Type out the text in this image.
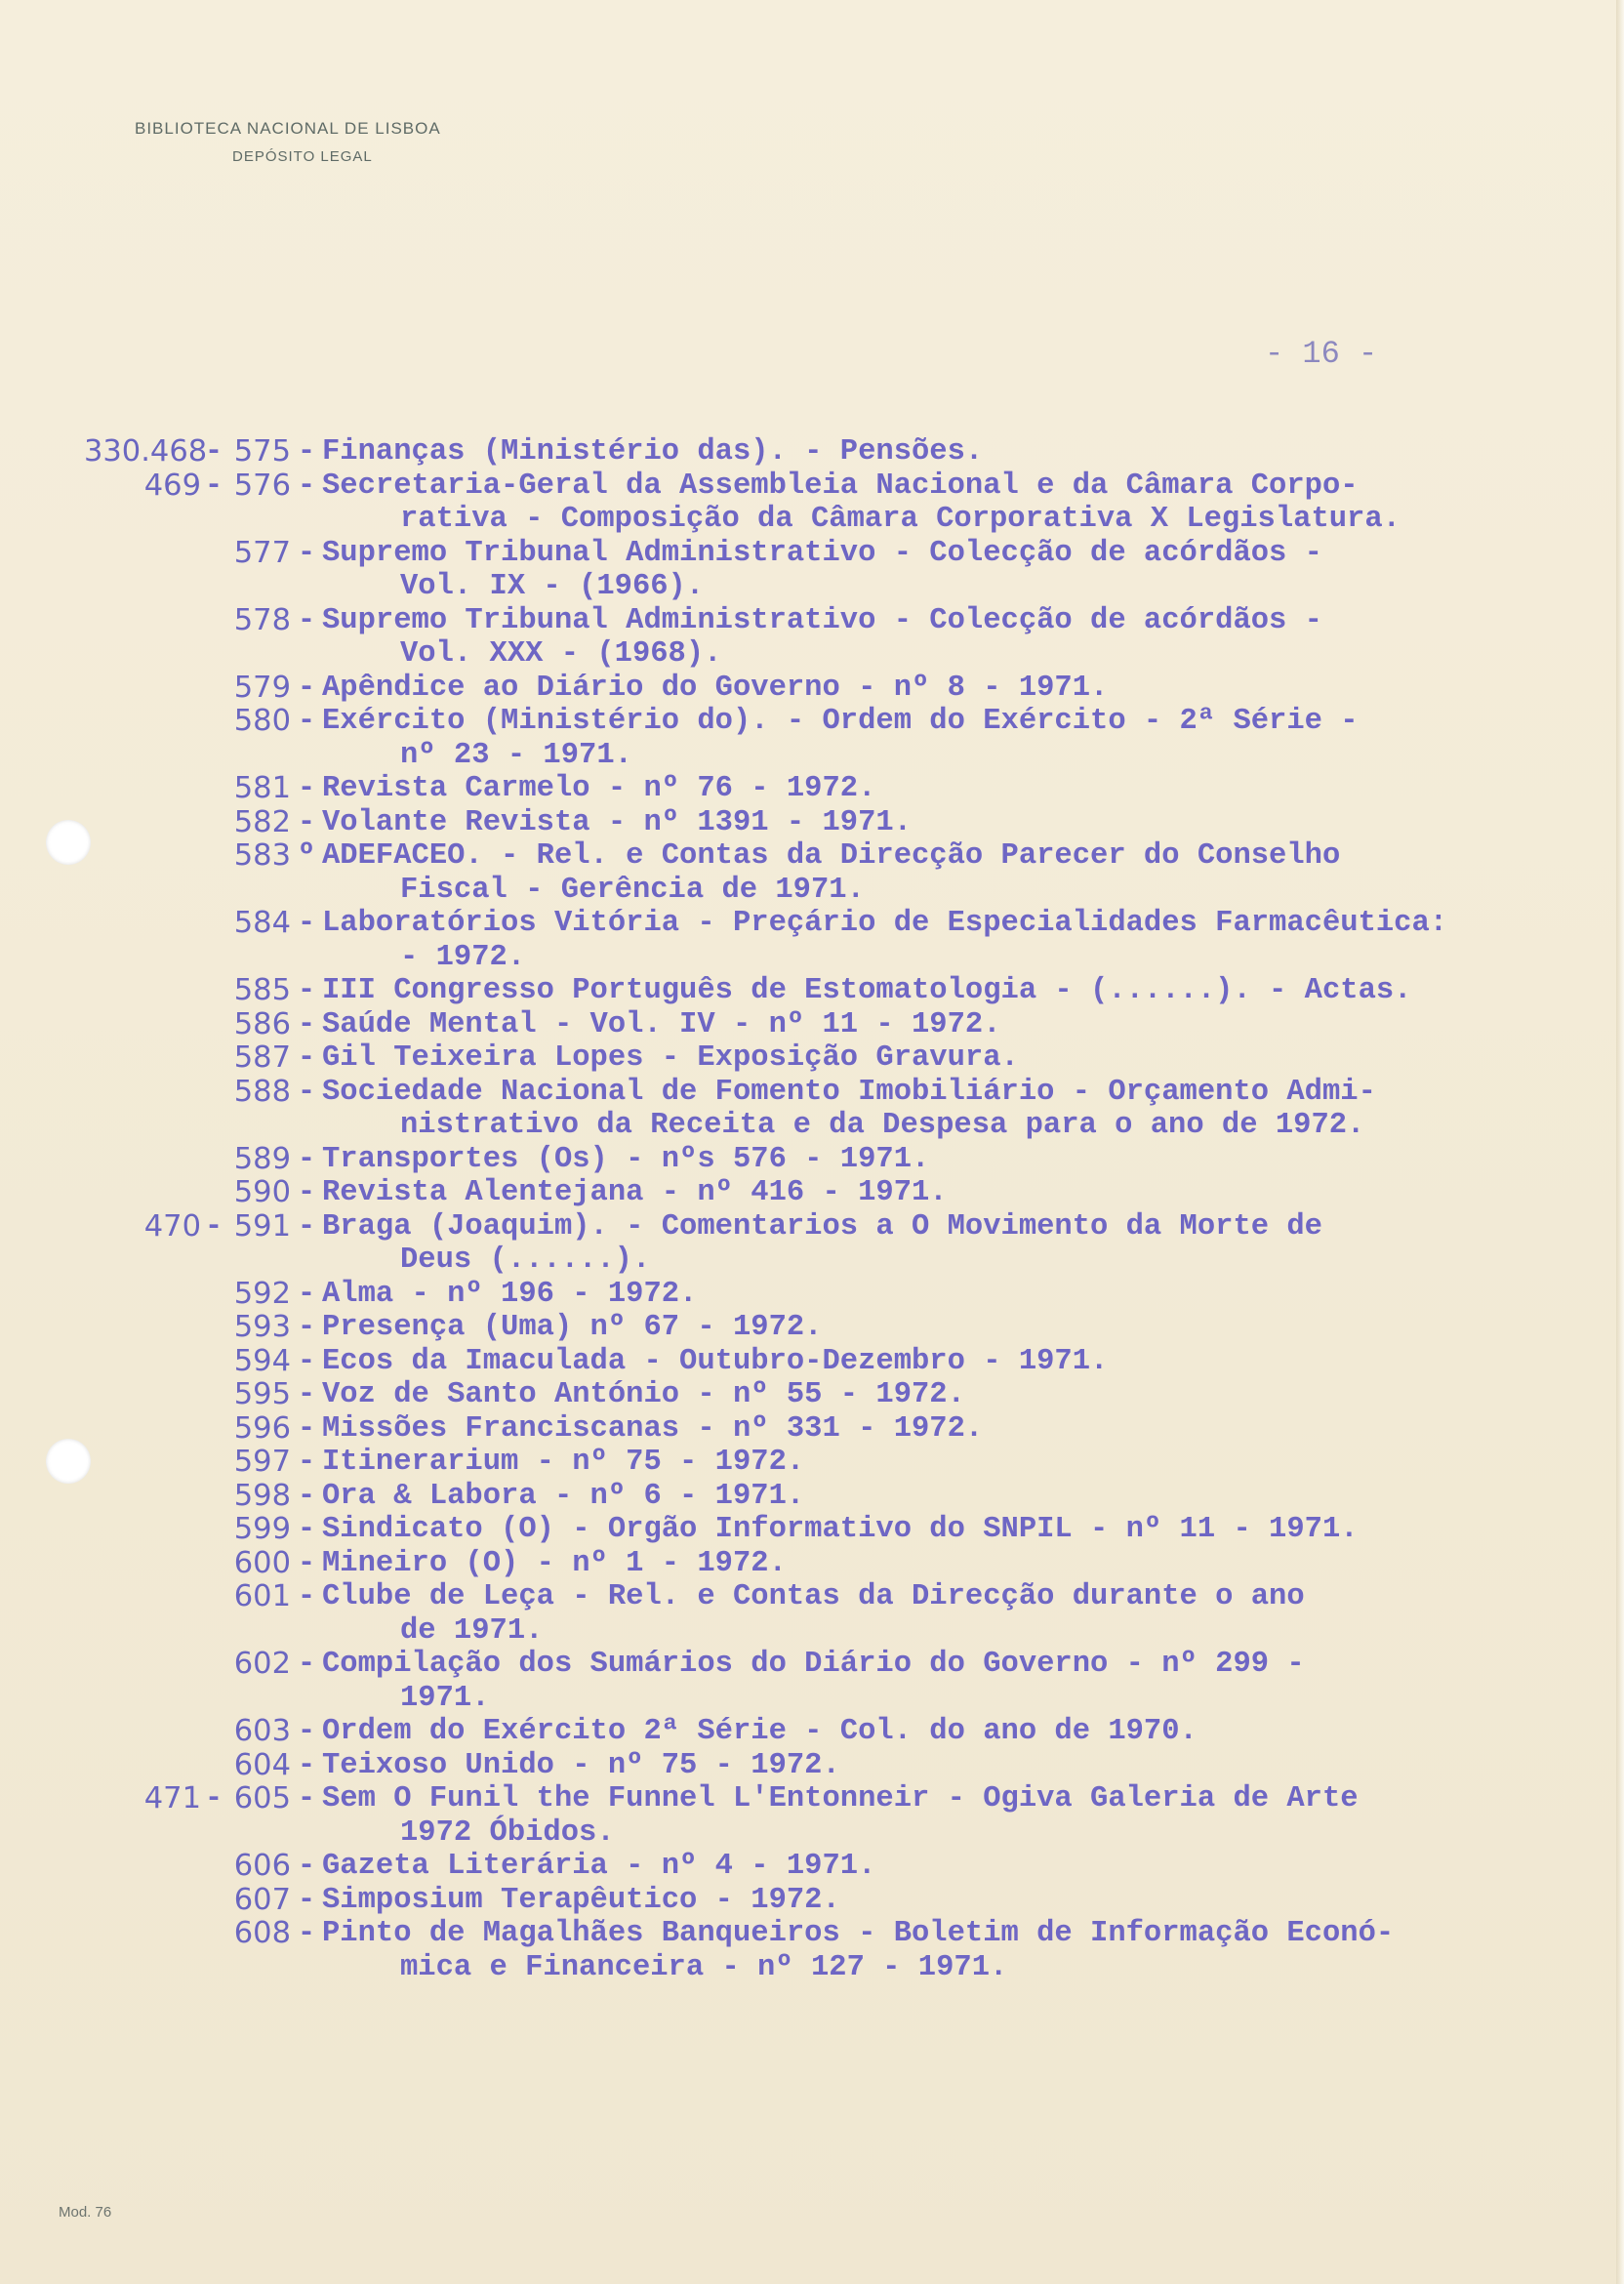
BIBLIOTECA NACIONAL DE LISBOA
DEPÓSITO LEGAL
- 16 -
330.468
- 575 - Finanças (Ministério das). - Pensões.
469 - 576 - Secretaria-Geral da Assembleia Nacional e da Câmara Corpo-
rativa - Composição da Câmara Corporativa X Legislatura.
577 - Supremo Tribunal Administrativo - Colecção de acórdãos -
Vol. IX - (1966).
578 - Supremo Tribunal Administrativo - Colecção de acórdãos -
Vol. XXX - (1968).
579 - Apêndice ao Diário do Governo - nº 8 - 1971.
580 - Exército (Ministério do). - Ordem do Exército - 2ª Série -
nº 23 - 1971.
581 - Revista Carmelo - nº 76 - 1972.
582 - Volante Revista - nº 1391 - 1971.
583 º ADEFACEO. - Rel. e Contas da Direcção Parecer do Conselho
Fiscal - Gerência de 1971.
584 - Laboratórios Vitória - Preçário de Especialidades Farmacêutica:
- 1972.
585 - III Congresso Português de Estomatologia - (......). - Actas.
586 - Saúde Mental - Vol. IV - nº 11 - 1972.
587 - Gil Teixeira Lopes - Exposição Gravura.
588 - Sociedade Nacional de Fomento Imobiliário - Orçamento Admi-
nistrativo da Receita e da Despesa para o ano de 1972.
589 - Transportes (Os) - nºs 576 - 1971.
590 - Revista Alentejana - nº 416 - 1971.
470 - 591 - Braga (Joaquim). - Comentarios a O Movimento da Morte de
Deus (......).
592 - Alma - nº 196 - 1972.
593 - Presença (Uma) nº 67 - 1972.
594 - Ecos da Imaculada - Outubro-Dezembro - 1971.
595 - Voz de Santo António - nº 55 - 1972.
596 - Missões Franciscanas - nº 331 - 1972.
597 - Itinerarium - nº 75 - 1972.
598 - Ora & Labora - nº 6 - 1971.
599 - Sindicato (O) - Orgão Informativo do SNPIL - nº 11 - 1971.
600 - Mineiro (O) - nº 1 - 1972.
601 - Clube de Leça - Rel. e Contas da Direcção durante o ano
de 1971.
602 - Compilação dos Sumários do Diário do Governo - nº 299 -
1971.
603 - Ordem do Exército 2ª Série - Col. do ano de 1970.
604 - Teixoso Unido - nº 75 - 1972.
471 - 605 - Sem O Funil the Funnel L'Entonneir - Ogiva Galeria de Arte
1972 Óbidos.
606 - Gazeta Literária - nº 4 - 1971.
607 - Simposium Terapêutico - 1972.
608 - Pinto de Magalhães Banqueiros - Boletim de Informação Econó-
mica e Financeira - nº 127 - 1971.
Mod. 76
